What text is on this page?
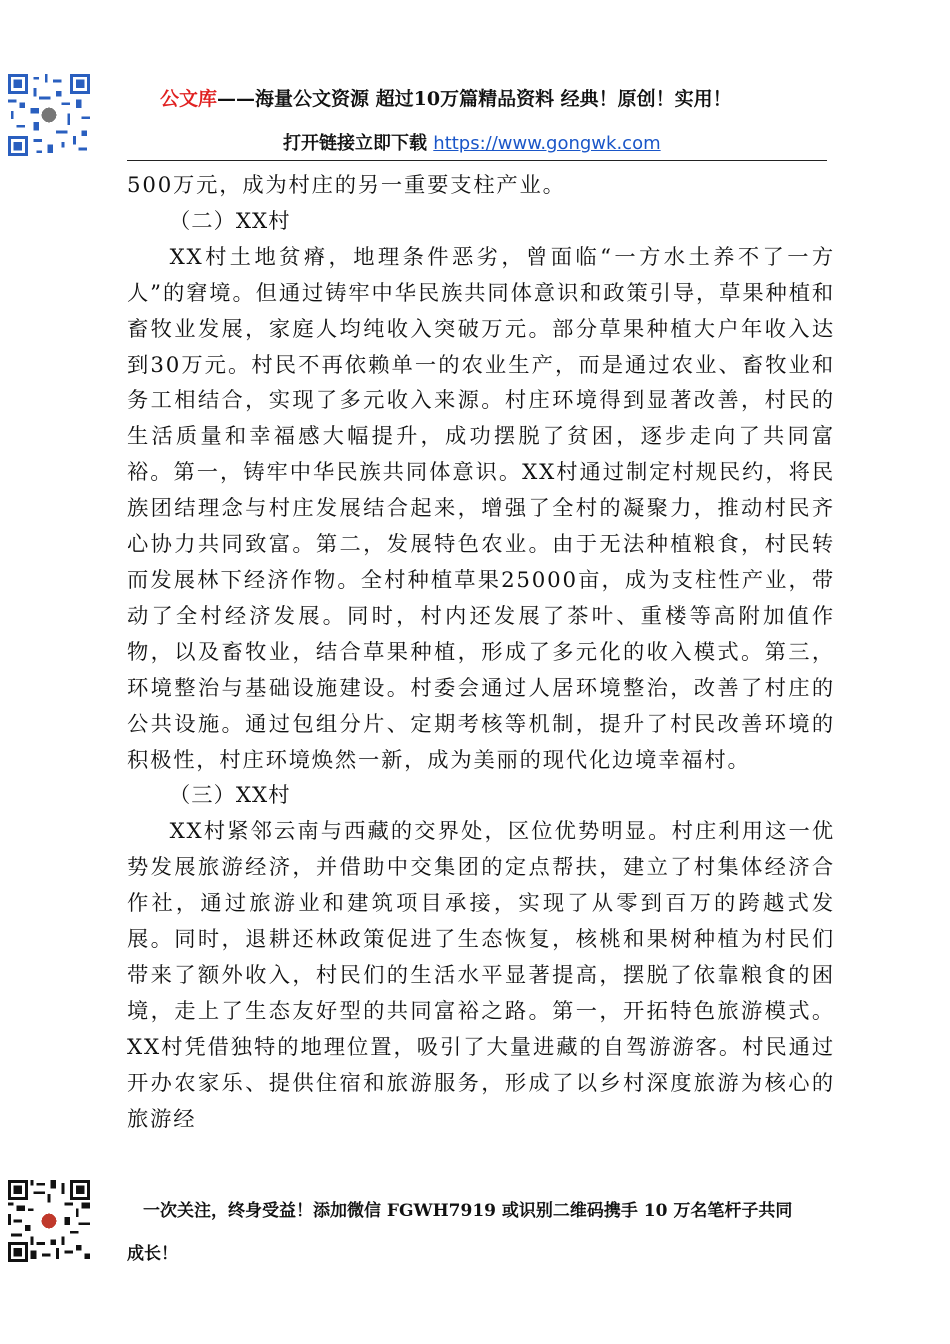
公文库——海量公文资源 超过10万篇精品资料 经典！原创！实用！
打开链接立即下载 https://www.gongwk.com

500万元，成为村庄的另一重要支柱产业。

（二）XX村

XX村土地贫瘠，地理条件恶劣，曾面临“一方水土养不了一方人”的窘境。但通过铸牢中华民族共同体意识和政策引导，草果种植和畜牧业发展，家庭人均纯收入突破万元。部分草果种植大户年收入达到30万元。村民不再依赖单一的农业生产，而是通过农业、畜牧业和务工相结合，实现了多元收入来源。村庄环境得到显著改善，村民的生活质量和幸福感大幅提升，成功摆脱了贫困，逐步走向了共同富裕。第一，铸牢中华民族共同体意识。XX村通过制定村规民约，将民族团结理念与村庄发展结合起来，增强了全村的凝聚力，推动村民齐心协力共同致富。第二，发展特色农业。由于无法种植粮食，村民转而发展林下经济作物。全村种植草果25000亩，成为支柱性产业，带动了全村经济发展。同时，村内还发展了茶叶、重楼等高附加值作物，以及畜牧业，结合草果种植，形成了多元化的收入模式。第三，环境整治与基础设施建设。村委会通过人居环境整治，改善了村庄的公共设施。通过包组分片、定期考核等机制，提升了村民改善环境的积极性，村庄环境焕然一新，成为美丽的现代化边境幸福村。

（三）XX村

XX村紧邻云南与西藏的交界处，区位优势明显。村庄利用这一优势发展旅游经济，并借助中交集团的定点帮扶，建立了村集体经济合作社，通过旅游业和建筑项目承接，实现了从零到百万的跨越式发展。同时，退耕还林政策促进了生态恢复，核桃和果树种植为村民们带来了额外收入，村民们的生活水平显著提高，摆脱了依靠粮食的困境，走上了生态友好型的共同富裕之路。第一，开拓特色旅游模式。XX村凭借独特的地理位置，吸引了大量进藏的自驾游游客。村民通过开办农家乐、提供住宿和旅游服务，形成了以乡村深度旅游为核心的旅游经

一次关注，终身受益！添加微信 FGWH7919 或识别二维码携手 10 万名笔杆子共同
成长！
